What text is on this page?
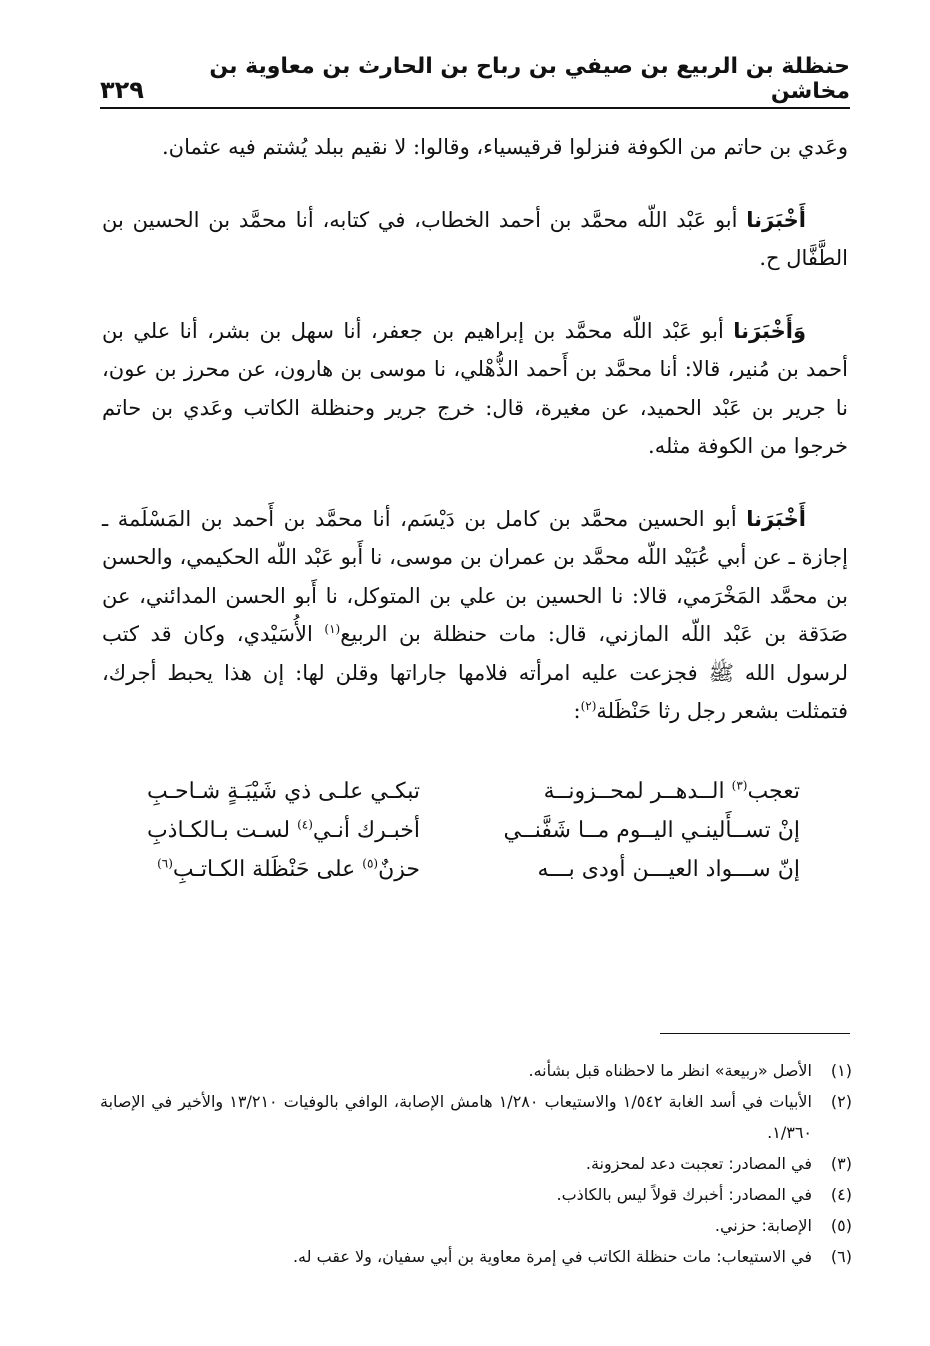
حنظلة بن الربيع بن صيفي بن رباح بن الحارث بن معاوية بن مخاشن
٣٢٩

وعَدي بن حاتم من الكوفة فنزلوا قرقيسياء، وقالوا: لا نقيم ببلد يُشتم فيه عثمان.

أَخْبَرَنا أبو عَبْد اللّه محمَّد بن أحمد الخطاب، في كتابه، أنا محمَّد بن الحسين بن الطَّفَّال ح.

وَأَخْبَرَنا أبو عَبْد اللّه محمَّد بن إبراهيم بن جعفر، أنا سهل بن بشر، أنا علي بن أحمد بن مُنير، قالا: أنا محمَّد بن أَحمد الذُّهْلي، نا موسى بن هارون، عن محرز بن عون، نا جرير بن عَبْد الحميد، عن مغيرة، قال: خرج جرير وحنظلة الكاتب وعَدي بن حاتم خرجوا من الكوفة مثله.

أَخْبَرَنا أبو الحسين محمَّد بن كامل بن دَيْسَم، أنا محمَّد بن أَحمد بن المَسْلَمة ـ إجازة ـ عن أبي عُبَيْد اللّه محمَّد بن عمران بن موسى، نا أَبو عَبْد اللّه الحكيمي، والحسن بن محمَّد المَخْرَمي، قالا: نا الحسين بن علي بن المتوكل، نا أَبو الحسن المدائني، عن صَدَقة بن عَبْد اللّه المازني، قال: مات حنظلة بن الربيع$^{(١)}$ الأُسَيْدي، وكان قد كتب لرسول الله ﷺ فجزعت عليه امرأته فلامها جاراتها وقلن لها: إن هذا يحبط أجرك، فتمثلت بشعر رجل رثا حَنْظَلة$^{(٢)}$:

تعجب$^{(٣)}$ الــدهــر لمحــزونــة
تبكـي علـى ذي شَيْبَـةٍ شـاحـبِ
إنْ تســأَلينـي اليــوم مــا شَفَّنــي
أخبـرك أنـي$^{(٤)}$ لسـت بـالكـاذبِ
إنّ ســـواد العيـــن أودى بـــه
حزنٌ$^{(٥)}$ على حَنْظَلة الكـاتـبِ$^{(٦)}$
(١)
الأصل «ربيعة» انظر ما لاحظناه قبل بشأنه.
(٢)
الأبيات في أسد الغابة ١/٥٤٢ والاستيعاب ١/٢٨٠ هامش الإصابة، الوافي بالوفيات ١٣/٢١٠ والأخير في الإصابة ١/٣٦٠.
(٣)
في المصادر: تعجبت دعد لمحزونة.
(٤)
في المصادر: أخبرك قولاً ليس بالكاذب.
(٥)
الإصابة: حزني.
(٦)
في الاستيعاب: مات حنظلة الكاتب في إمرة معاوية بن أبي سفيان، ولا عقب له.
